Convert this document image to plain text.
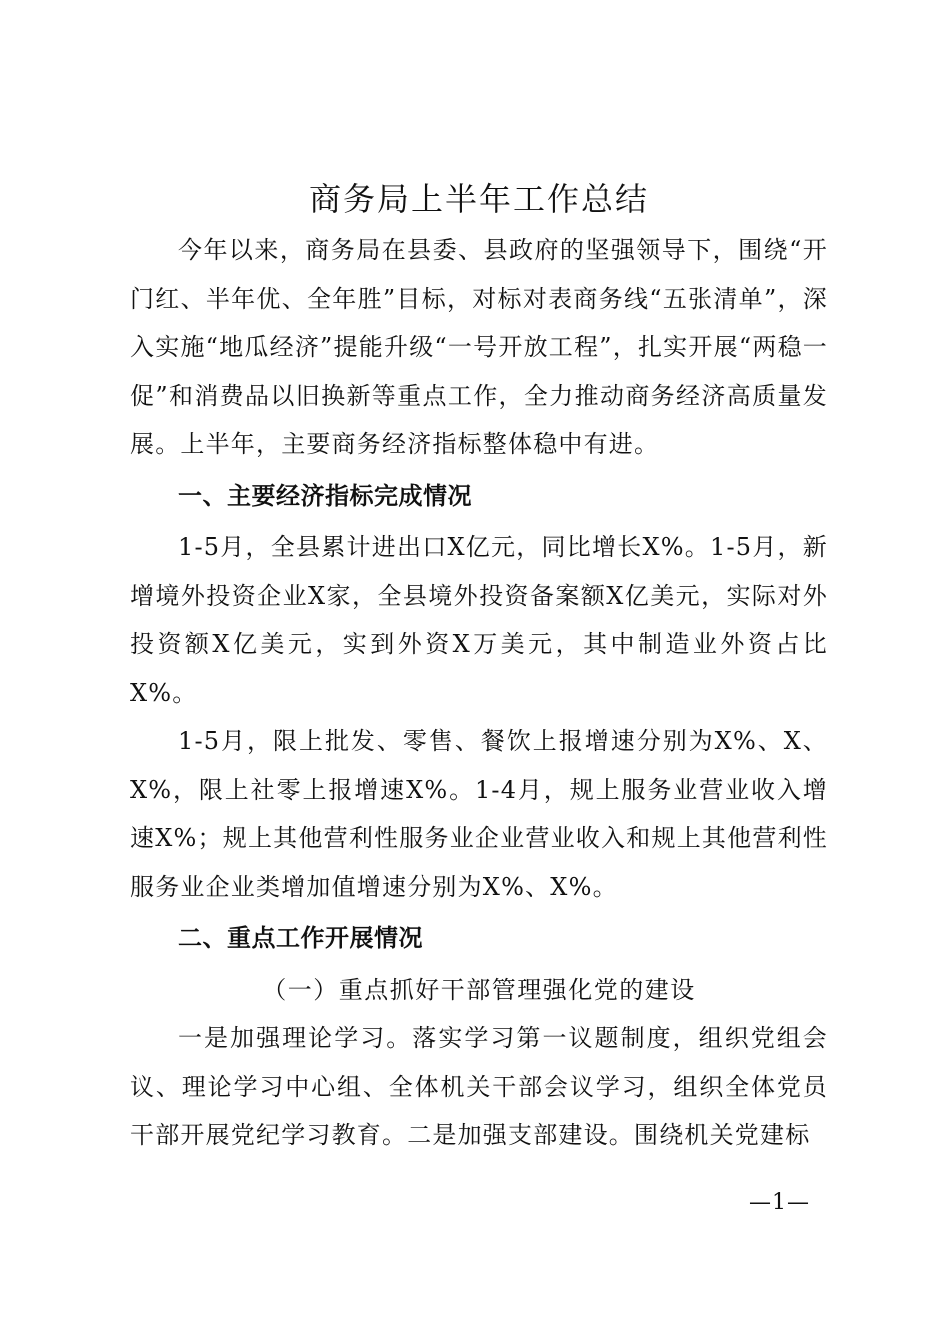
商务局上半年工作总结

今年以来，商务局在县委、县政府的坚强领导下，围绕“开门红、半年优、全年胜”目标，对标对表商务线“五张清单”，深入实施“地瓜经济”提能升级“一号开放工程”，扎实开展“两稳一促”和消费品以旧换新等重点工作，全力推动商务经济高质量发展。上半年，主要商务经济指标整体稳中有进。

一、主要经济指标完成情况

1-5月，全县累计进出口X亿元，同比增长X%。1-5月，新增境外投资企业X家，全县境外投资备案额X亿美元，实际对外投资额X亿美元，实到外资X万美元，其中制造业外资占比X%。

1-5月，限上批发、零售、餐饮上报增速分别为X%、X、X%，限上社零上报增速X%。1-4月，规上服务业营业收入增速X%；规上其他营利性服务业企业营业收入和规上其他营利性服务业企业类增加值增速分别为X%、X%。

二、重点工作开展情况

（一）重点抓好干部管理强化党的建设

一是加强理论学习。落实学习第一议题制度，组织党组会议、理论学习中心组、全体机关干部会议学习，组织全体党员干部开展党纪学习教育。二是加强支部建设。围绕机关党建标

—1—
